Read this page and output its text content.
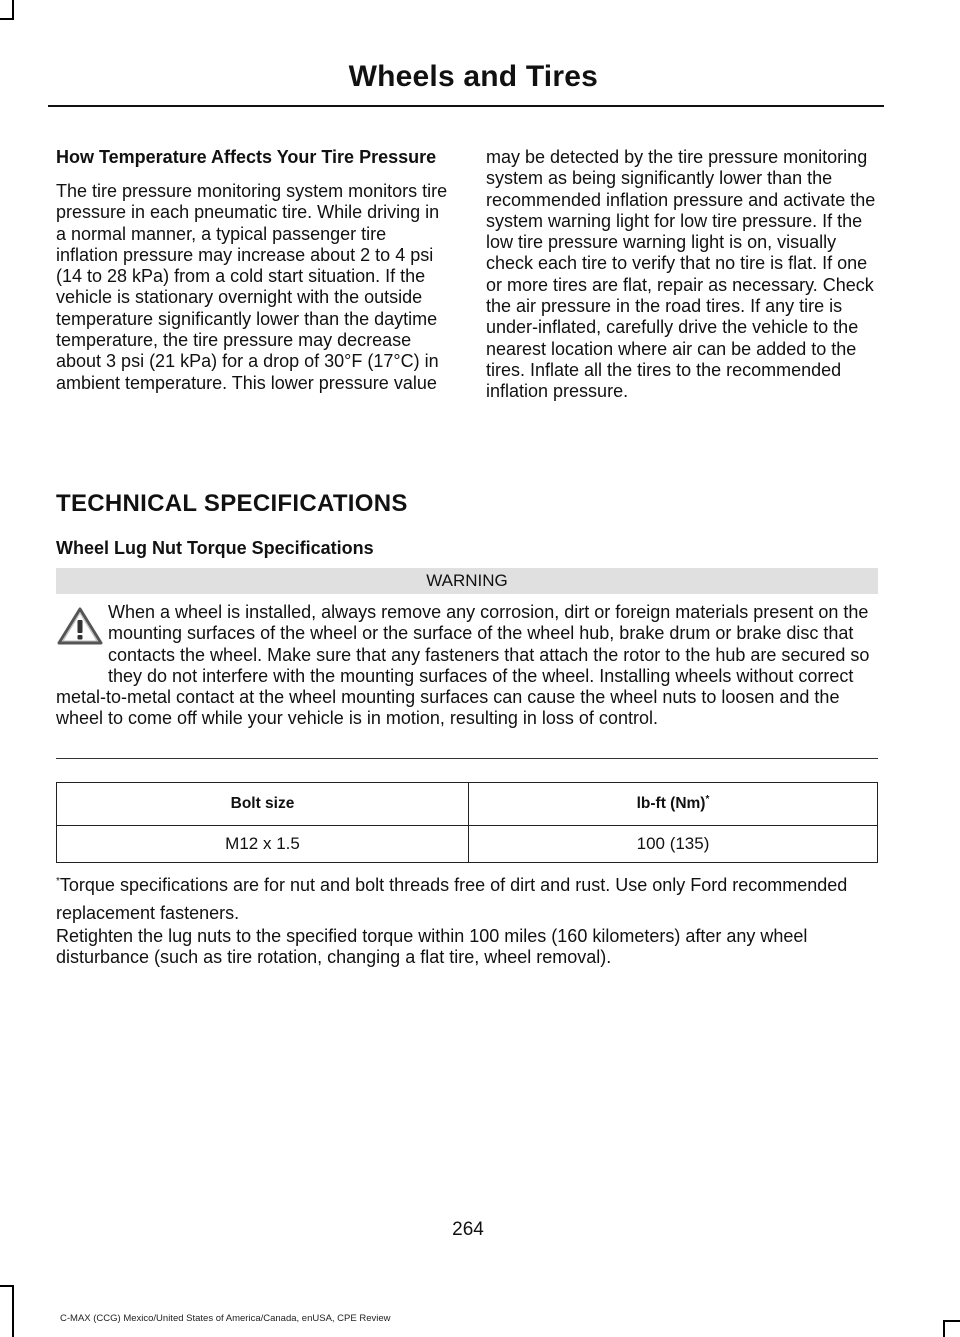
Wheels and Tires
How Temperature Affects Your Tire Pressure

The tire pressure monitoring system monitors tire pressure in each pneumatic tire. While driving in a normal manner, a typical passenger tire inflation pressure may increase about 2 to 4 psi (14 to 28 kPa) from a cold start situation. If the vehicle is stationary overnight with the outside temperature significantly lower than the daytime temperature, the tire pressure may decrease about 3 psi (21 kPa) for a drop of 30°F (17°C) in ambient temperature. This lower pressure value

may be detected by the tire pressure monitoring system as being significantly lower than the recommended inflation pressure and activate the system warning light for low tire pressure. If the low tire pressure warning light is on, visually check each tire to verify that no tire is flat. If one or more tires are flat, repair as necessary. Check the air pressure in the road tires. If any tire is under-inflated, carefully drive the vehicle to the nearest location where air can be added to the tires. Inflate all the tires to the recommended inflation pressure.

TECHNICAL SPECIFICATIONS
Wheel Lug Nut Torque Specifications
WARNING

When a wheel is installed, always remove any corrosion, dirt or foreign materials present on the mounting surfaces of the wheel or the surface of the wheel hub, brake drum or brake disc that contacts the wheel. Make sure that any fasteners that attach the rotor to the hub are secured so they do not interfere with the mounting surfaces of the wheel. Installing wheels without correct metal-to-metal contact at the wheel mounting surfaces can cause the wheel nuts to loosen and the wheel to come off while your vehicle is in motion, resulting in loss of control.

Bolt size	lb-ft (Nm)*
M12 x 1.5	100 (135)

*Torque specifications are for nut and bolt threads free of dirt and rust. Use only Ford recommended replacement fasteners.

Retighten the lug nuts to the specified torque within 100 miles (160 kilometers) after any wheel disturbance (such as tire rotation, changing a flat tire, wheel removal).

264
C-MAX (CCG) Mexico/United States of America/Canada, enUSA, CPE Review
